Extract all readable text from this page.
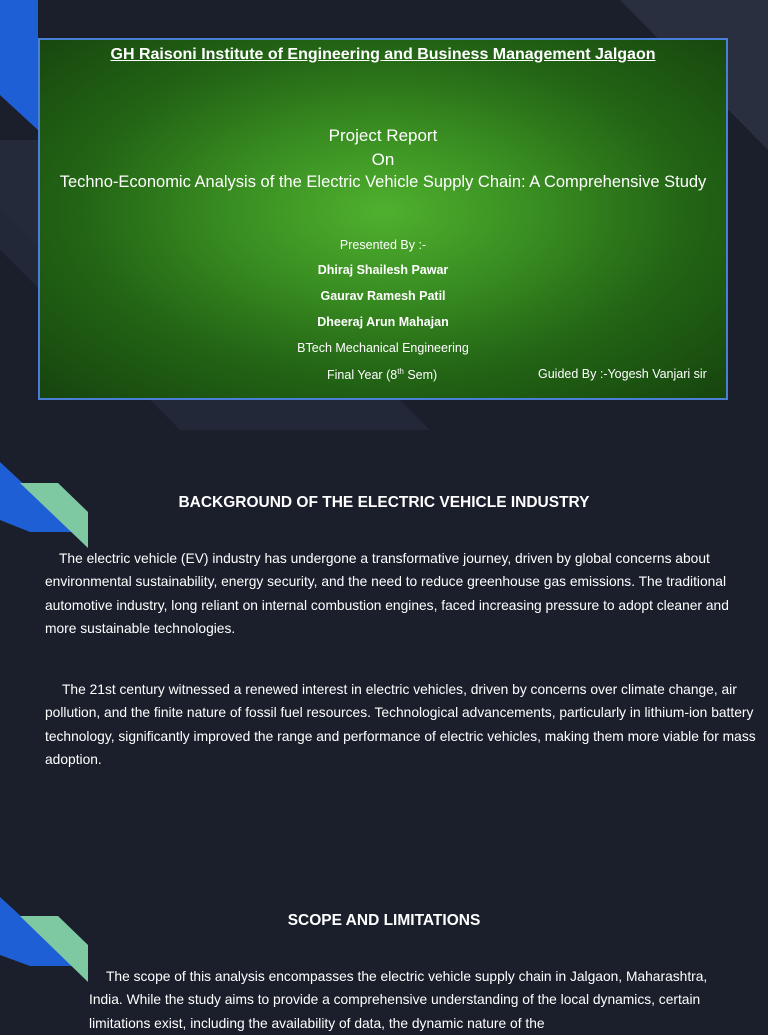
GH Raisoni Institute of Engineering and Business Management Jalgaon
Project Report
On
Techno-Economic Analysis of the Electric Vehicle Supply Chain: A Comprehensive Study
Presented By :-
Dhiraj Shailesh Pawar
Gaurav Ramesh Patil
Dheeraj Arun Mahajan
BTech Mechanical Engineering
Final Year (8th Sem)	Guided By :-Yogesh Vanjari sir
BACKGROUND OF THE ELECTRIC VEHICLE INDUSTRY
The electric vehicle (EV) industry has undergone a transformative journey, driven by global concerns about environmental sustainability, energy security, and the need to reduce greenhouse gas emissions. The traditional automotive industry, long reliant on internal combustion engines, faced increasing pressure to adopt cleaner and more sustainable technologies.
The 21st century witnessed a renewed interest in electric vehicles, driven by concerns over climate change, air pollution, and the finite nature of fossil fuel resources. Technological advancements, particularly in lithium-ion battery technology, significantly improved the range and performance of electric vehicles, making them more viable for mass adoption.
SCOPE AND LIMITATIONS
The scope of this analysis encompasses the electric vehicle supply chain in Jalgaon, Maharashtra, India. While the study aims to provide a comprehensive understanding of the local dynamics, certain limitations exist, including the availability of data, the dynamic nature of the
